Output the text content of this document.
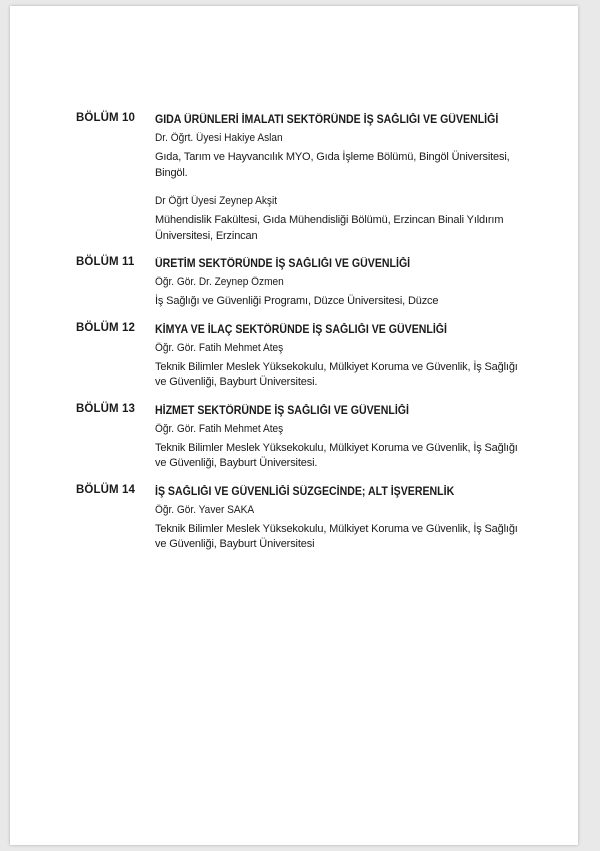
BÖLÜM 10 GIDA ÜRÜNLERİ İMALATI SEKTÖRÜNDE İŞ SAĞLIĞI VE GÜVENLİĞİ
Dr. Öğrt. Üyesi Hakiye Aslan
Gıda, Tarım ve Hayvancılık MYO, Gıda İşleme Bölümü, Bingöl Üniversitesi, Bingöl.
Dr Öğrt Üyesi Zeynep Akşit
Mühendislik Fakültesi, Gıda Mühendisliği Bölümü, Erzincan Binali Yıldırım Üniversitesi, Erzincan
BÖLÜM 11 ÜRETİM SEKTÖRÜNDE İŞ SAĞLIĞI VE GÜVENLİĞİ
Öğr. Gör. Dr. Zeynep Özmen
İş Sağlığı ve Güvenliği Programı, Düzce Üniversitesi, Düzce
BÖLÜM 12 KİMYA VE İLAÇ SEKTÖRÜNDE İŞ SAĞLIĞI VE GÜVENLİĞİ
Öğr. Gör. Fatih Mehmet Ateş
Teknik Bilimler Meslek Yüksekokulu, Mülkiyet Koruma ve Güvenlik, İş Sağlığı ve Güvenliği, Bayburt Üniversitesi.
BÖLÜM 13 HİZMET SEKTÖRÜNDE İŞ SAĞLIĞI VE GÜVENLİĞİ
Öğr. Gör. Fatih Mehmet Ateş
Teknik Bilimler Meslek Yüksekokulu, Mülkiyet Koruma ve Güvenlik, İş Sağlığı ve Güvenliği, Bayburt Üniversitesi.
BÖLÜM 14 İŞ SAĞLIĞI VE GÜVENLİĞİ SÜZGECİNDE; ALT İŞVERENLİK
Öğr. Gör. Yaver SAKA
Teknik Bilimler Meslek Yüksekokulu, Mülkiyet Koruma ve Güvenlik, İş Sağlığı ve Güvenliği, Bayburt Üniversitesi
